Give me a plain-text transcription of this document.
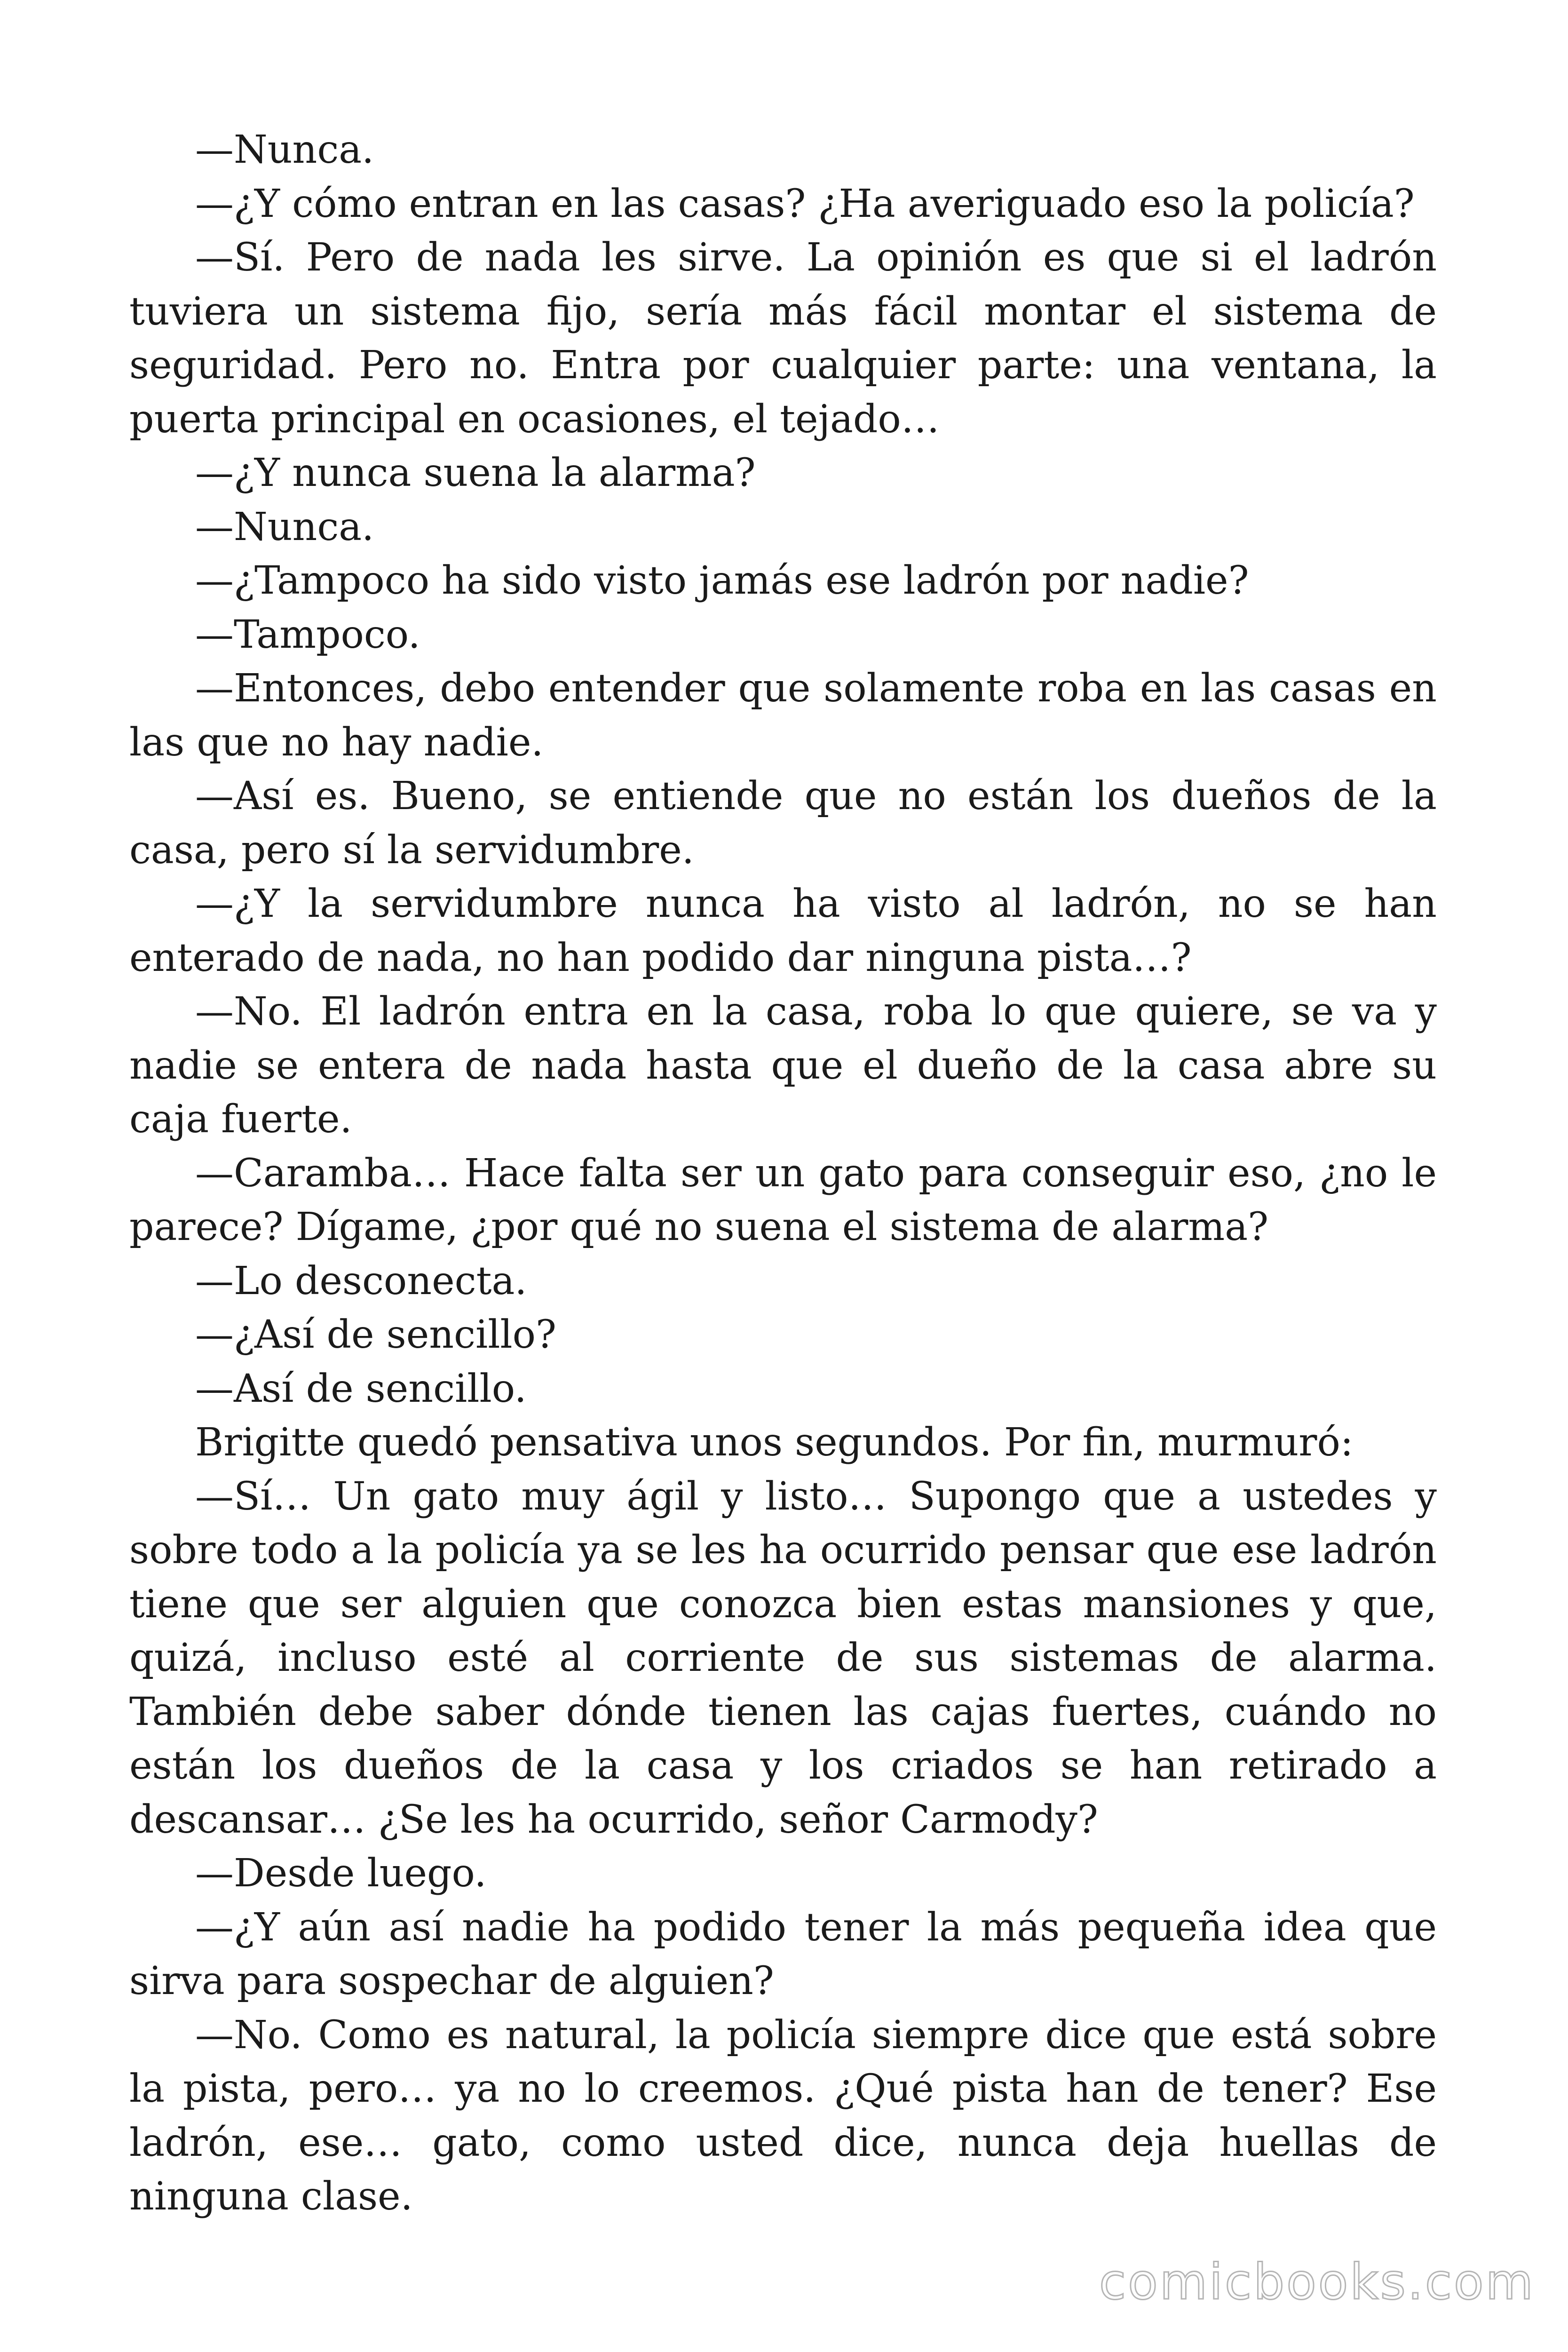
—Nunca.

—¿Y cómo entran en las casas? ¿Ha averiguado eso la policía?

—Sí. Pero de nada les sirve. La opinión es que si el ladrón tuviera un sistema fijo, sería más fácil montar el sistema de seguridad. Pero no. Entra por cualquier parte: una ventana, la puerta principal en ocasiones, el tejado…

—¿Y nunca suena la alarma?

—Nunca.

—¿Tampoco ha sido visto jamás ese ladrón por nadie?

—Tampoco.

—Entonces, debo entender que solamente roba en las casas en las que no hay nadie.

—Así es. Bueno, se entiende que no están los dueños de la casa, pero sí la servidumbre.

—¿Y la servidumbre nunca ha visto al ladrón, no se han enterado de nada, no han podido dar ninguna pista…?

—No. El ladrón entra en la casa, roba lo que quiere, se va y nadie se entera de nada hasta que el dueño de la casa abre su caja fuerte.

—Caramba… Hace falta ser un gato para conseguir eso, ¿no le parece? Dígame, ¿por qué no suena el sistema de alarma?

—Lo desconecta.

—¿Así de sencillo?

—Así de sencillo.

Brigitte quedó pensativa unos segundos. Por fin, murmuró:

—Sí… Un gato muy ágil y listo… Supongo que a ustedes y sobre todo a la policía ya se les ha ocurrido pensar que ese ladrón tiene que ser alguien que conozca bien estas mansiones y que, quizá, incluso esté al corriente de sus sistemas de alarma. También debe saber dónde tienen las cajas fuertes, cuándo no están los dueños de la casa y los criados se han retirado a descansar… ¿Se les ha ocurrido, señor Carmody?

—Desde luego.

—¿Y aún así nadie ha podido tener la más pequeña idea que sirva para sospechar de alguien?

—No. Como es natural, la policía siempre dice que está sobre la pista, pero… ya no lo creemos. ¿Qué pista han de tener? Ese ladrón, ese… gato, como usted dice, nunca deja huellas de ninguna clase.

comicbooks.com
